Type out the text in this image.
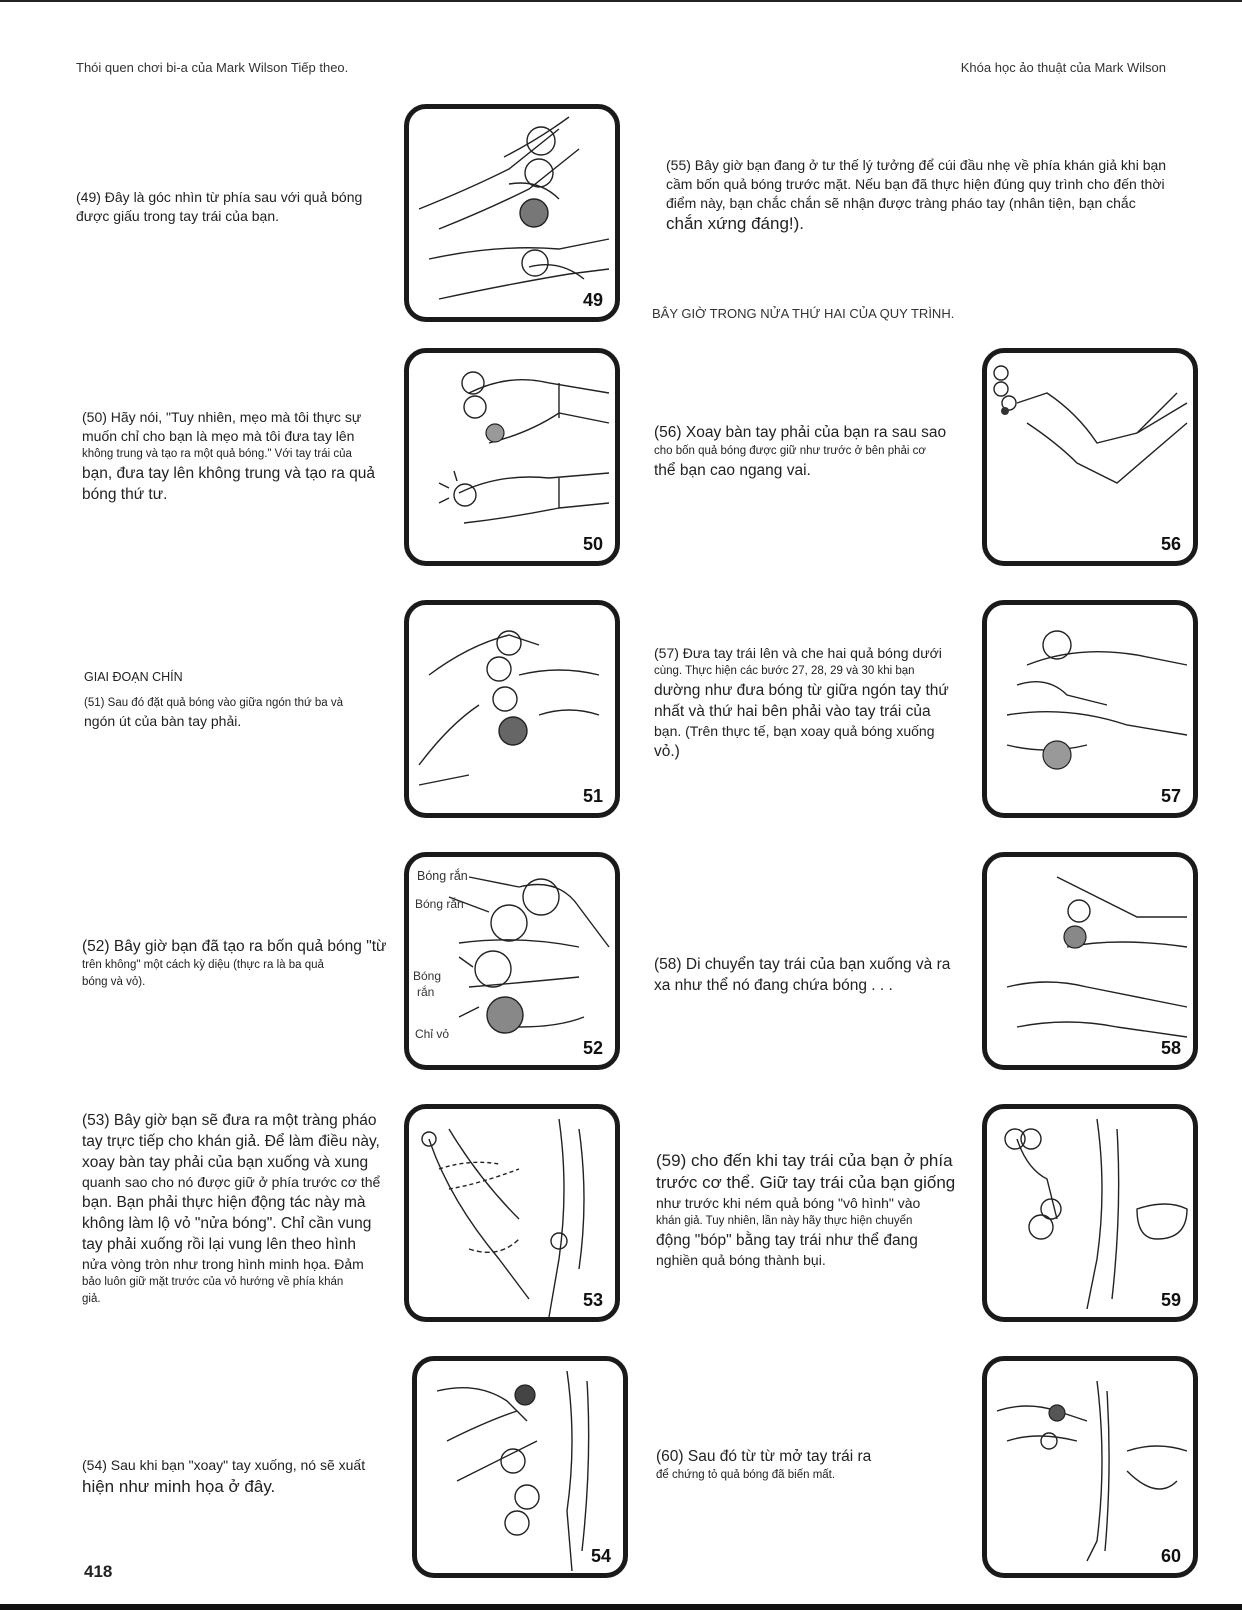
Thói quen chơi bi-a của Mark Wilson Tiếp theo.	Khóa học ảo thuật của Mark Wilson
(49) Đây là góc nhìn từ phía sau với quả bóng
được giấu trong tay trái của bạn.
(50) Hãy nói, "Tuy nhiên, mẹo mà tôi thực sự
muốn chỉ cho bạn là mẹo mà tôi đưa tay lên
không trung và tạo ra một quả bóng." Với tay trái của
bạn, đưa tay lên không trung và tạo ra quả
bóng thứ tư.
GIAI ĐOẠN CHÍN
(51) Sau đó đặt quả bóng vào giữa ngón thứ ba và
ngón út của bàn tay phải.
(52) Bây giờ bạn đã tạo ra bốn quả bóng "từ
trên không" một cách kỳ diệu (thực ra là ba quả
bóng và vỏ).
(53) Bây giờ bạn sẽ đưa ra một tràng pháo
tay trực tiếp cho khán giả. Để làm điều này,
xoay bàn tay phải của bạn xuống và xung
quanh sao cho nó được giữ ở phía trước cơ thể
bạn. Bạn phải thực hiện động tác này mà
không làm lộ vỏ "nửa bóng". Chỉ cần vung
tay phải xuống rồi lại vung lên theo hình
nửa vòng tròn như trong hình minh họa. Đảm
bảo luôn giữ mặt trước của vỏ hướng về phía khán
giả.
(54) Sau khi bạn "xoay" tay xuống, nó sẽ xuất
hiện như minh họa ở đây.
(55) Bây giờ bạn đang ở tư thế lý tưởng để cúi đầu nhẹ về phía khán giả khi bạn
cầm bốn quả bóng trước mặt. Nếu bạn đã thực hiện đúng quy trình cho đến thời
điểm này, bạn chắc chắn sẽ nhận được tràng pháo tay (nhân tiện, bạn chắc
chắn xứng đáng!).
BÂY GIỜ TRONG NỬA THỨ HAI CỦA QUY TRÌNH.
(56) Xoay bàn tay phải của bạn ra sau sao
cho bốn quả bóng được giữ như trước ở bên phải cơ
thể bạn cao ngang vai.
(57) Đưa tay trái lên và che hai quả bóng dưới
cùng. Thực hiện các bước 27, 28, 29 và 30 khi bạn
dường như đưa bóng từ giữa ngón tay thứ
nhất và thứ hai bên phải vào tay trái của
bạn. (Trên thực tế, bạn xoay quả bóng xuống
vỏ.)
(58) Di chuyển tay trái của bạn xuống và ra
xa như thể nó đang chứa bóng . . .
(59) cho đến khi tay trái của bạn ở phía
trước cơ thể. Giữ tay trái của bạn giống
như trước khi ném quả bóng "vô hình" vào
khán giả. Tuy nhiên, lần này hãy thực hiện chuyển
động "bóp" bằng tay trái như thể đang
nghiền quả bóng thành bụi.
(60) Sau đó từ từ mở tay trái ra
để chứng tỏ quả bóng đã biến mất.
49
50
51
Bóng rắn
Bóng rắn
Bóng
rắn
Chỉ vỏ
52
53
54
56
57
58
59
60
418
